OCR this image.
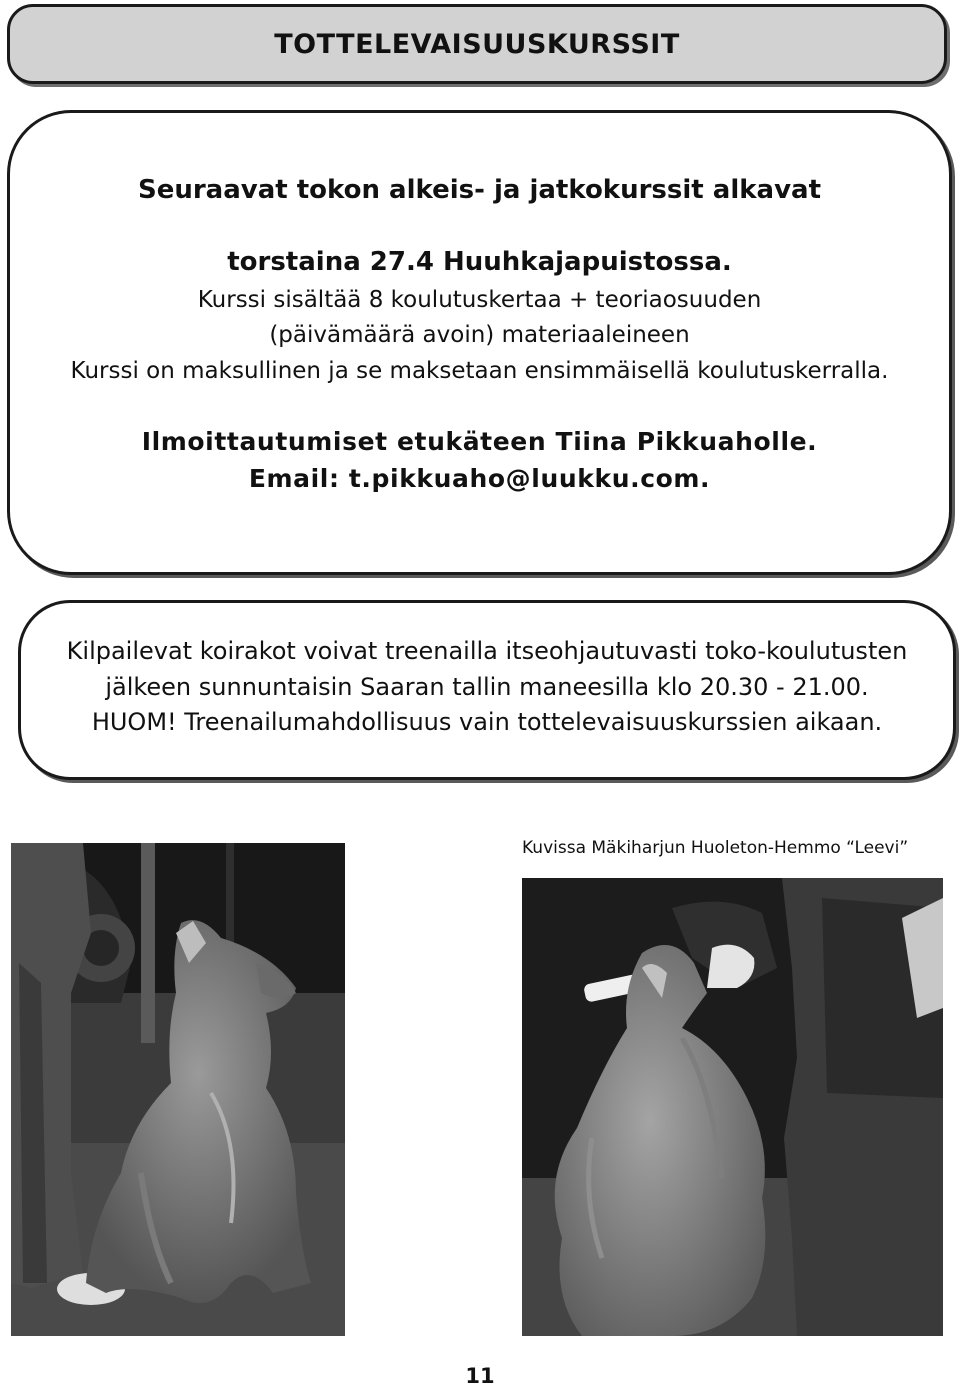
TOTTELEVAISUUSKURSSIT
Seuraavat tokon alkeis- ja jatkokurssit alkavat
torstaina 27.4 Huuhkajapuistossa.
Kurssi sisältää 8 koulutuskertaa + teoriaosuuden
(päivämäärä avoin) materiaaleineen
Kurssi on maksullinen ja se maksetaan ensimmäisellä koulutuskerralla.
Ilmoittautumiset etukäteen Tiina Pikkuaholle.
Email: t.pikkuaho@luukku.com.
Kilpailevat koirakot voivat treenailla itseohjautuvasti toko-koulutusten
jälkeen sunnuntaisin Saaran tallin maneesilla klo 20.30 - 21.00.
HUOM! Treenailumahdollisuus vain tottelevaisuuskurssien aikaan.
Kuvissa Mäkiharjun Huoleton-Hemmo “Leevi”
11
